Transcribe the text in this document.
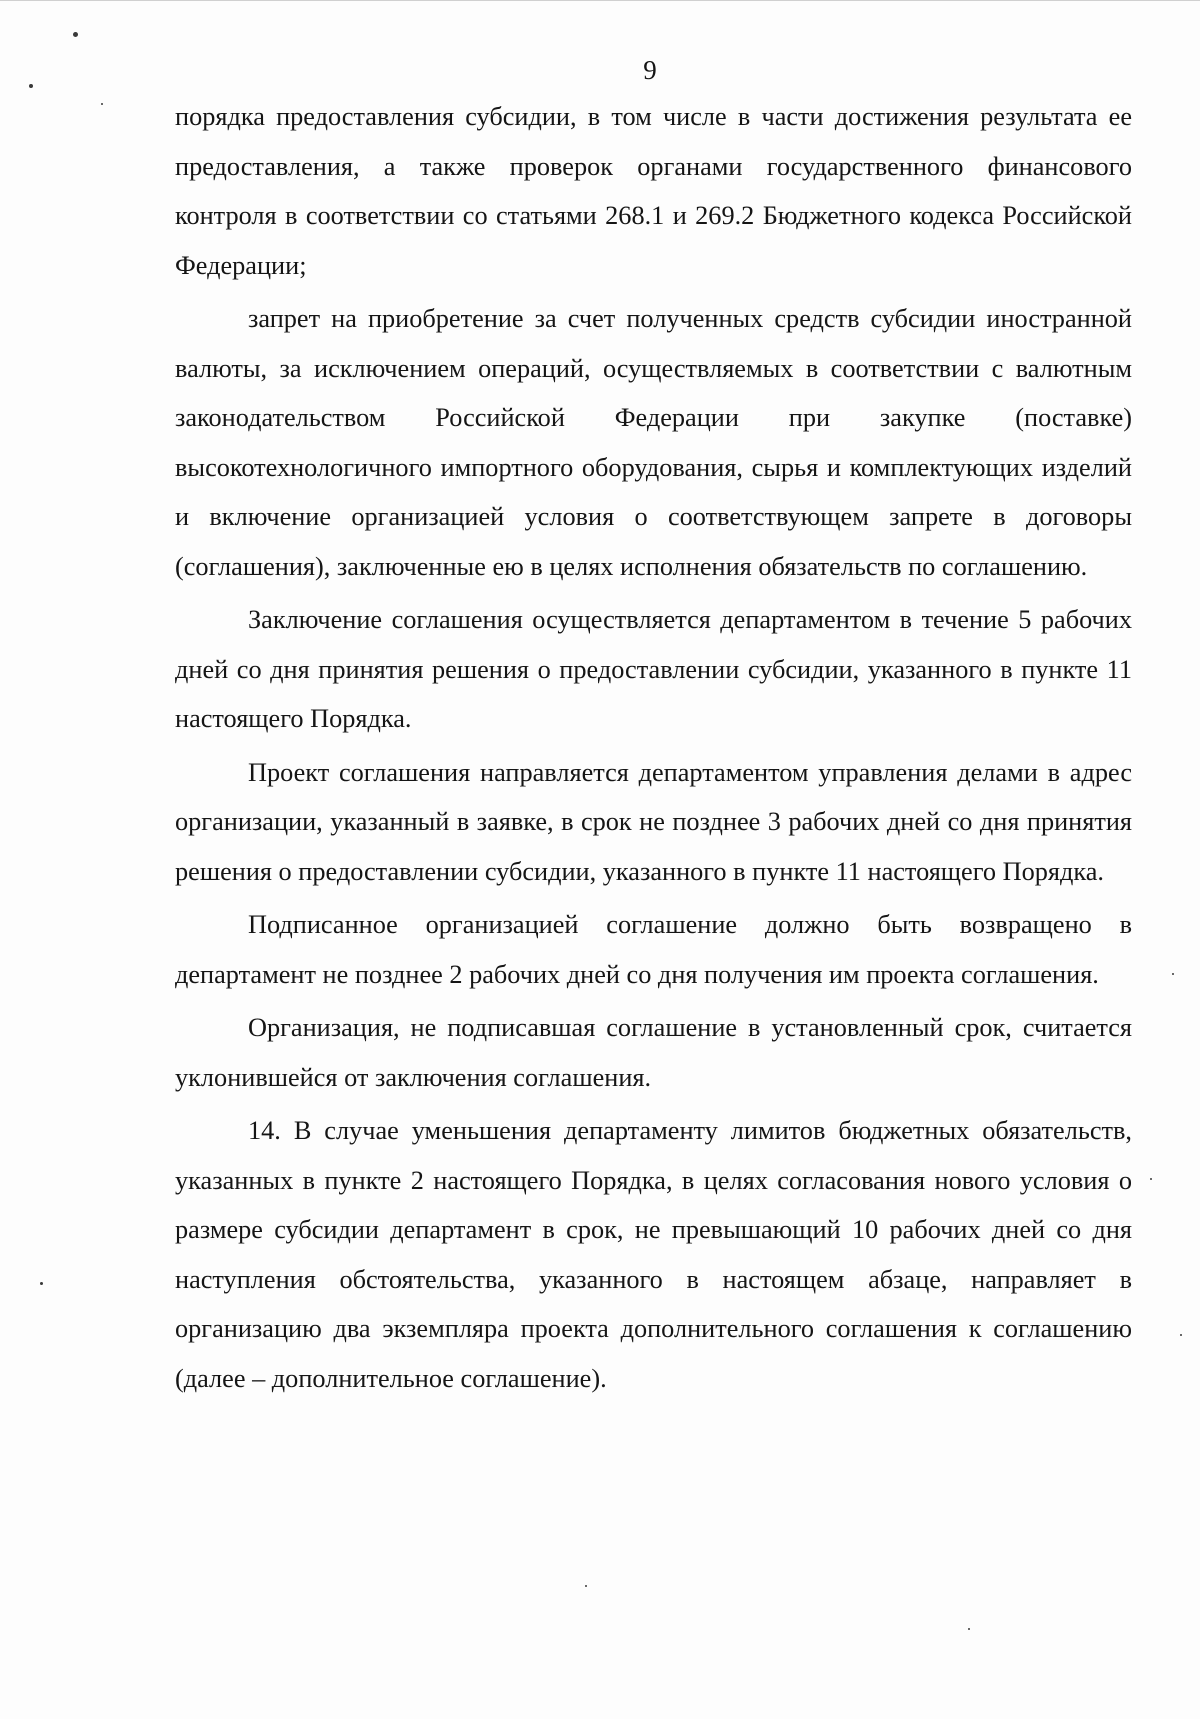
9

порядка предоставления субсидии, в том числе в части достижения результата ее предоставления, а также проверок органами государственного финансового контроля в соответствии со статьями 268.1 и 269.2 Бюджетного кодекса Российской Федерации;

запрет на приобретение за счет полученных средств субсидии иностранной валюты, за исключением операций, осуществляемых в соответствии с валютным законодательством Российской Федерации при закупке (поставке) высокотехнологичного импортного оборудования, сырья и комплектующих изделий и включение организацией условия о соответствующем запрете в договоры (соглашения), заключенные ею в целях исполнения обязательств по соглашению.

Заключение соглашения осуществляется департаментом в течение 5 рабочих дней со дня принятия решения о предоставлении субсидии, указанного в пункте 11 настоящего Порядка.

Проект соглашения направляется департаментом управления делами в адрес организации, указанный в заявке, в срок не позднее 3 рабочих дней со дня принятия решения о предоставлении субсидии, указанного в пункте 11 настоящего Порядка.

Подписанное организацией соглашение должно быть возвращено в департамент не позднее 2 рабочих дней со дня получения им проекта соглашения.

Организация, не подписавшая соглашение в установленный срок, считается уклонившейся от заключения соглашения.

14. В случае уменьшения департаменту лимитов бюджетных обязательств, указанных в пункте 2 настоящего Порядка, в целях согласования нового условия о размере субсидии департамент в срок, не превышающий 10 рабочих дней со дня наступления обстоятельства, указанного в настоящем абзаце, направляет в организацию два экземпляра проекта дополнительного соглашения к соглашению (далее – дополнительное соглашение).
